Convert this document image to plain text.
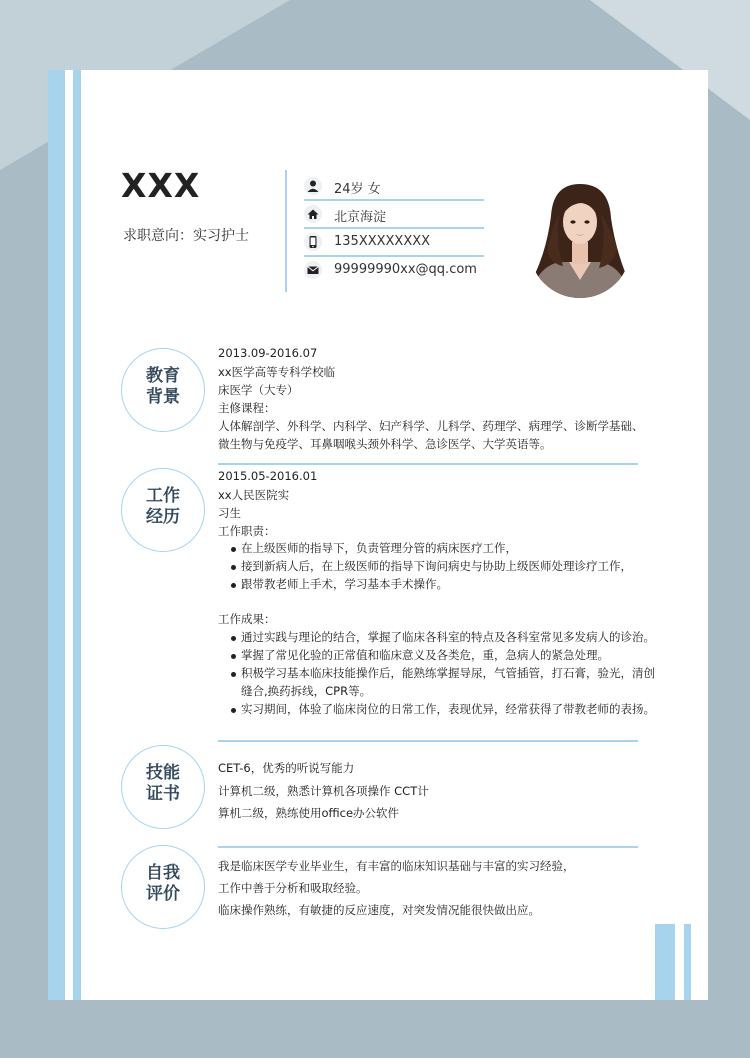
XXX
求职意向：实习护士
24岁 女
北京海淀
135XXXXXXXX
99999990xx@qq.com
教育
背景
2013.09-2016.07
xx医学高等专科学校临
床医学（大专）
主修课程：
人体解剖学、外科学、内科学、妇产科学、儿科学、药理学、病理学、诊断学基础、
微生物与免疫学、耳鼻咽喉头颈外科学、急诊医学、大学英语等。
工作
经历
2015.05-2016.01
xx人民医院实
习生
工作职责：
在上级医师的指导下，负责管理分管的病床医疗工作，
接到新病人后，在上级医师的指导下询问病史与协助上级医师处理诊疗工作，
跟带教老师上手术，学习基本手术操作。
工作成果：
通过实践与理论的结合，掌握了临床各科室的特点及各科室常见多发病人的诊治。
掌握了常见化验的正常值和临床意义及各类危，重，急病人的紧急处理。
积极学习基本临床技能操作后，能熟练掌握导尿，气管插管，打石膏，验光，清创
缝合,换药拆线，CPR等。
实习期间，体验了临床岗位的日常工作，表现优异，经常获得了带教老师的表扬。
技能
证书
CET-6，优秀的听说写能力
计算机二级，熟悉计算机各项操作 CCT计
算机二级，熟练使用office办公软件
自我
评价
我是临床医学专业毕业生，有丰富的临床知识基础与丰富的实习经验，
工作中善于分析和吸取经验。
临床操作熟练，有敏捷的反应速度，对突发情况能很快做出应。
